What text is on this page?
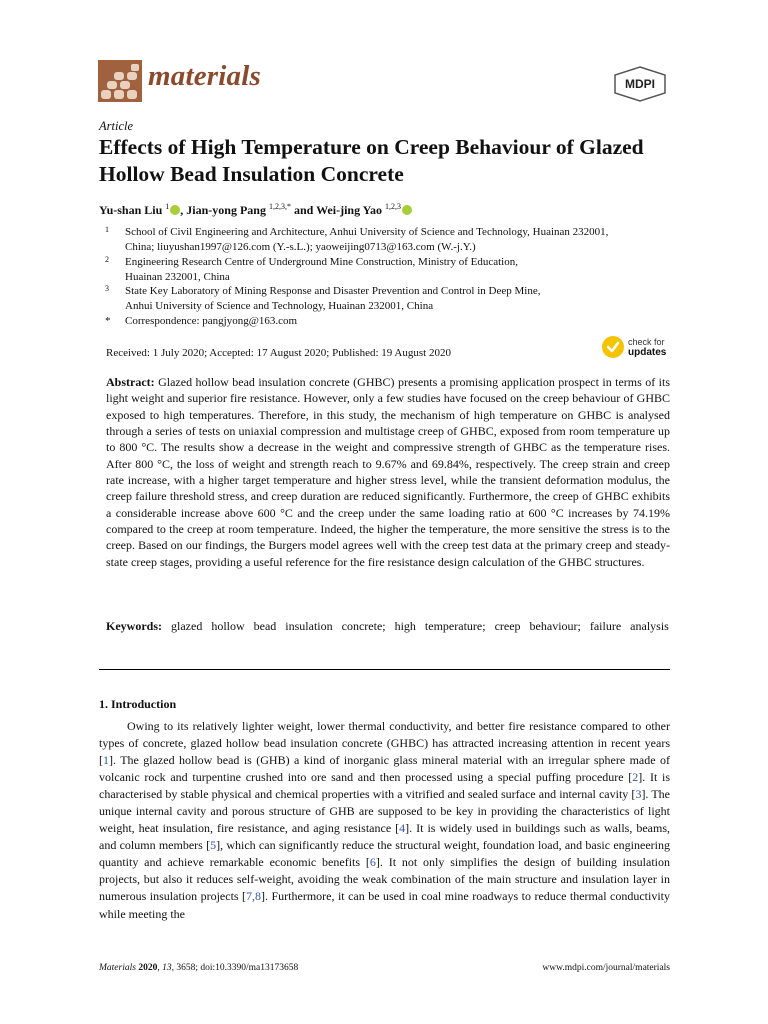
materials	MDPI
Article
Effects of High Temperature on Creep Behaviour of Glazed Hollow Bead Insulation Concrete
Yu-shan Liu $^1$ , Jian-yong Pang $^{1,2,3,*}$ and Wei-jing Yao $^{1,2,3}$
1 School of Civil Engineering and Architecture, Anhui University of Science and Technology, Huainan 232001,
China; liuyushan1997@126.com (Y.-s.L.); yaoweijing0713@163.com (W.-j.Y.)
2 Engineering Research Centre of Underground Mine Construction, Ministry of Education,
Huainan 232001, China
3 State Key Laboratory of Mining Response and Disaster Prevention and Control in Deep Mine,
Anhui University of Science and Technology, Huainan 232001, China
* Correspondence: pangjyong@163.com
Received: 1 July 2020; Accepted: 17 August 2020; Published: 19 August 2020
check for
updates
Abstract: Glazed hollow bead insulation concrete (GHBC) presents a promising application prospect in terms of its light weight and superior fire resistance. However, only a few studies have focused on the creep behaviour of GHBC exposed to high temperatures. Therefore, in this study, the mechanism of high temperature on GHBC is analysed through a series of tests on uniaxial compression and multistage creep of GHBC, exposed from room temperature up to 800 °C. The results show a decrease in the weight and compressive strength of GHBC as the temperature rises. After 800 °C, the loss of weight and strength reach to 9.67% and 69.84%, respectively. The creep strain and creep rate increase, with a higher target temperature and higher stress level, while the transient deformation modulus, the creep failure threshold stress, and creep duration are reduced significantly. Furthermore, the creep of GHBC exhibits a considerable increase above 600 °C and the creep under the same loading ratio at 600 °C increases by 74.19% compared to the creep at room temperature. Indeed, the higher the temperature, the more sensitive the stress is to the creep. Based on our findings, the Burgers model agrees well with the creep test data at the primary creep and steady-state creep stages, providing a useful reference for the fire resistance design calculation of the GHBC structures.
Keywords: glazed hollow bead insulation concrete; high temperature; creep behaviour; failure analysis
1. Introduction
Owing to its relatively lighter weight, lower thermal conductivity, and better fire resistance compared to other types of concrete, glazed hollow bead insulation concrete (GHBC) has attracted increasing attention in recent years [1]. The glazed hollow bead is (GHB) a kind of inorganic glass mineral material with an irregular sphere made of volcanic rock and turpentine crushed into ore sand and then processed using a special puffing procedure [2]. It is characterised by stable physical and chemical properties with a vitrified and sealed surface and internal cavity [3]. The unique internal cavity and porous structure of GHB are supposed to be key in providing the characteristics of light weight, heat insulation, fire resistance, and aging resistance [4]. It is widely used in buildings such as walls, beams, and column members [5], which can significantly reduce the structural weight, foundation load, and basic engineering quantity and achieve remarkable economic benefits [6]. It not only simplifies the design of building insulation projects, but also it reduces self-weight, avoiding the weak combination of the main structure and insulation layer in numerous insulation projects [7,8]. Furthermore, it can be used in coal mine roadways to reduce thermal conductivity while meeting the
Materials 2020, 13, 3658; doi:10.3390/ma13173658	www.mdpi.com/journal/materials
